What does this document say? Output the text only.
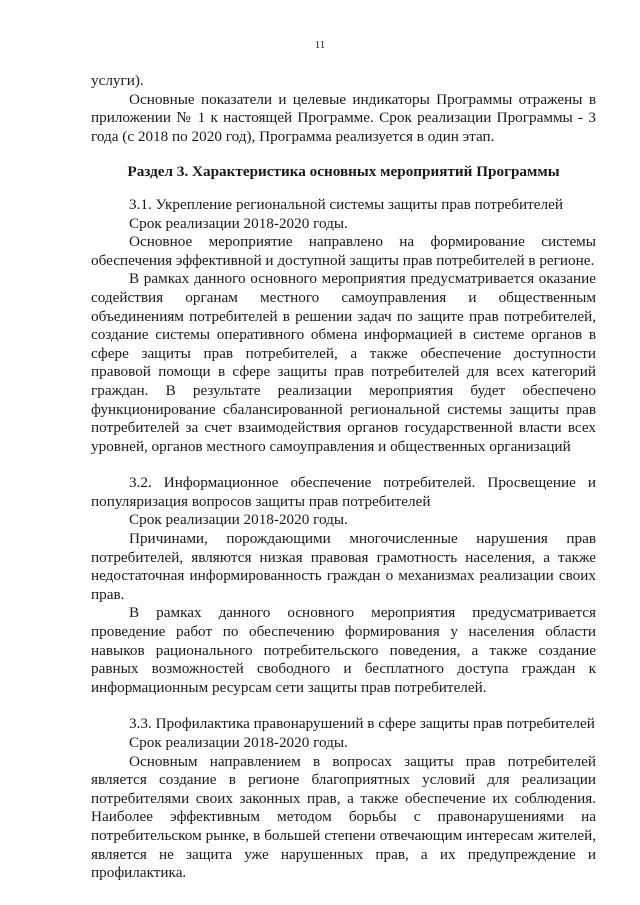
11

услуги).

Основные показатели и целевые индикаторы Программы отражены в приложении № 1 к настоящей Программе. Срок реализации Программы - 3 года (с 2018 по 2020 год), Программа реализуется в один этап.

Раздел 3. Характеристика основных мероприятий Программы

3.1. Укрепление региональной системы защиты прав потребителей

Срок реализации 2018-2020 годы.

Основное мероприятие направлено на формирование системы обеспечения эффективной и доступной защиты прав потребителей в регионе.

В рамках данного основного мероприятия предусматривается оказание содействия органам местного самоуправления и общественным объединениям потребителей в решении задач по защите прав потребителей, создание системы оперативного обмена информацией в системе органов в сфере защиты прав потребителей, а также обеспечение доступности правовой помощи в сфере защиты прав потребителей для всех категорий граждан. В результате реализации мероприятия будет обеспечено функционирование сбалансированной региональной системы защиты прав потребителей за счет взаимодействия органов государственной власти всех уровней, органов местного самоуправления и общественных организаций

3.2. Информационное обеспечение потребителей. Просвещение и популяризация вопросов защиты прав потребителей

Срок реализации 2018-2020 годы.

Причинами, порождающими многочисленные нарушения прав потребителей, являются низкая правовая грамотность населения, а также недостаточная информированность граждан о механизмах реализации своих прав.

В рамках данного основного мероприятия предусматривается проведение работ по обеспечению формирования у населения области навыков рационального потребительского поведения, а также создание равных возможностей свободного и бесплатного доступа граждан к информационным ресурсам сети защиты прав потребителей.

3.3. Профилактика правонарушений в сфере защиты прав потребителей

Срок реализации 2018-2020 годы.

Основным направлением в вопросах защиты прав потребителей является создание в регионе благоприятных условий для реализации потребителями своих законных прав, а также обеспечение их соблюдения. Наиболее эффективным методом борьбы с правонарушениями на потребительском рынке, в большей степени отвечающим интересам жителей, является не защита уже нарушенных прав, а их предупреждение и профилактика.
